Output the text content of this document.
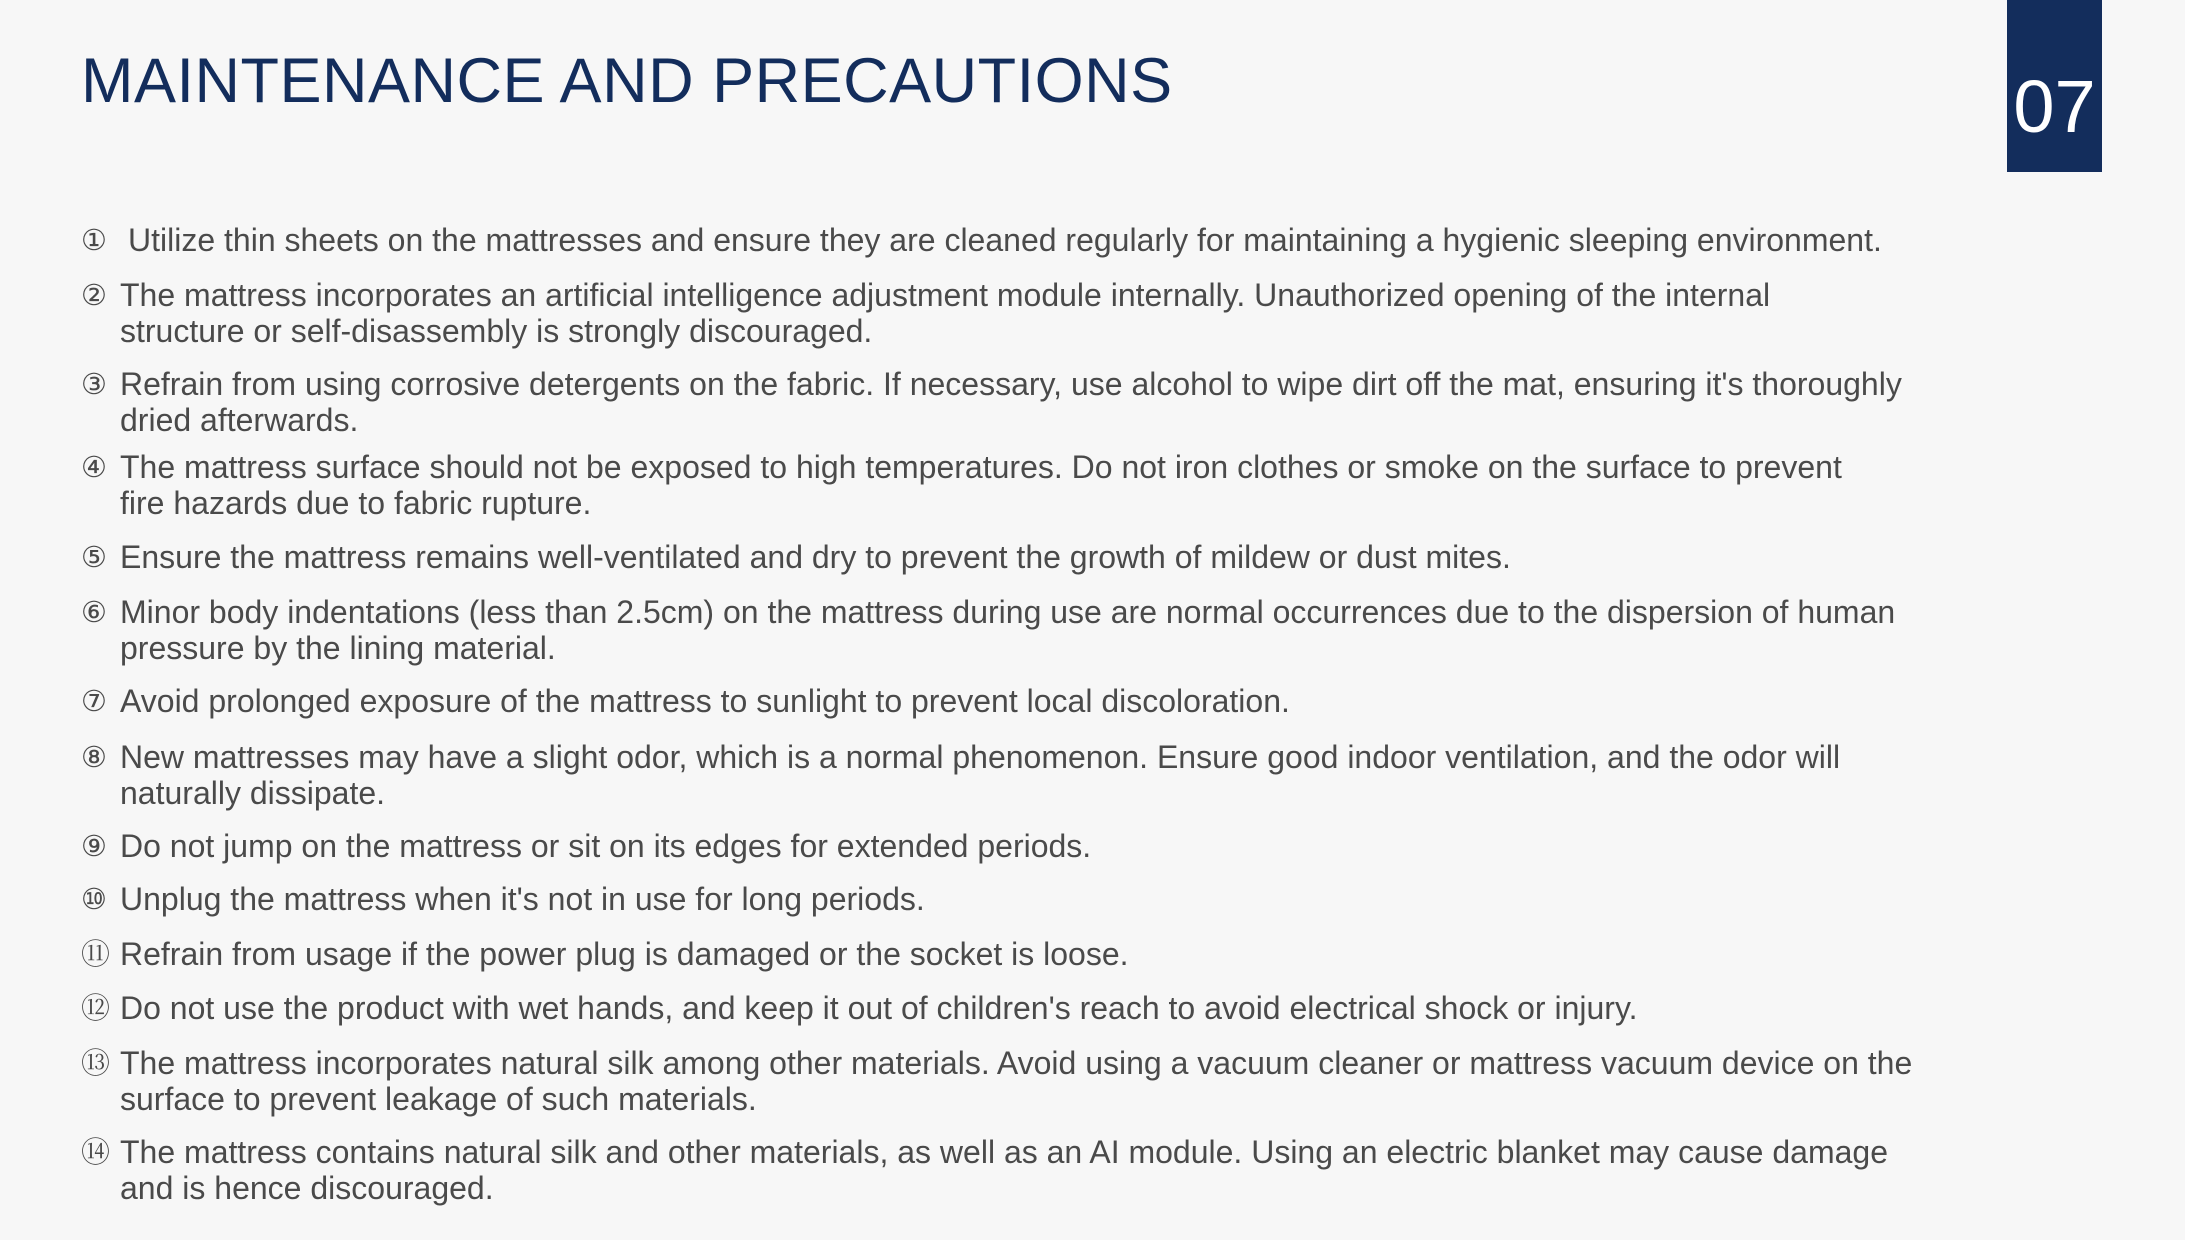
MAINTENANCE AND PRECAUTIONS	07
① Utilize thin sheets on the mattresses and ensure they are cleaned regularly for maintaining a hygienic sleeping environment.
② The mattress incorporates an artificial intelligence adjustment module internally. Unauthorized opening of the internal
structure or self-disassembly is strongly discouraged.
③ Refrain from using corrosive detergents on the fabric. If necessary, use alcohol to wipe dirt off the mat, ensuring it's thoroughly
dried afterwards.
④ The mattress surface should not be exposed to high temperatures. Do not iron clothes or smoke on the surface to prevent
fire hazards due to fabric rupture.
⑤ Ensure the mattress remains well-ventilated and dry to prevent the growth of mildew or dust mites.
⑥ Minor body indentations (less than 2.5cm) on the mattress during use are normal occurrences due to the dispersion of human
pressure by the lining material.
⑦ Avoid prolonged exposure of the mattress to sunlight to prevent local discoloration.
⑧ New mattresses may have a slight odor, which is a normal phenomenon. Ensure good indoor ventilation, and the odor will
naturally dissipate.
⑨ Do not jump on the mattress or sit on its edges for extended periods.
⑩ Unplug the mattress when it's not in use for long periods.
⑪ Refrain from usage if the power plug is damaged or the socket is loose.
⑫ Do not use the product with wet hands, and keep it out of children's reach to avoid electrical shock or injury.
⑬ The mattress incorporates natural silk among other materials. Avoid using a vacuum cleaner or mattress vacuum device on the
surface to prevent leakage of such materials.
⑭ The mattress contains natural silk and other materials, as well as an AI module. Using an electric blanket may cause damage
and is hence discouraged.
